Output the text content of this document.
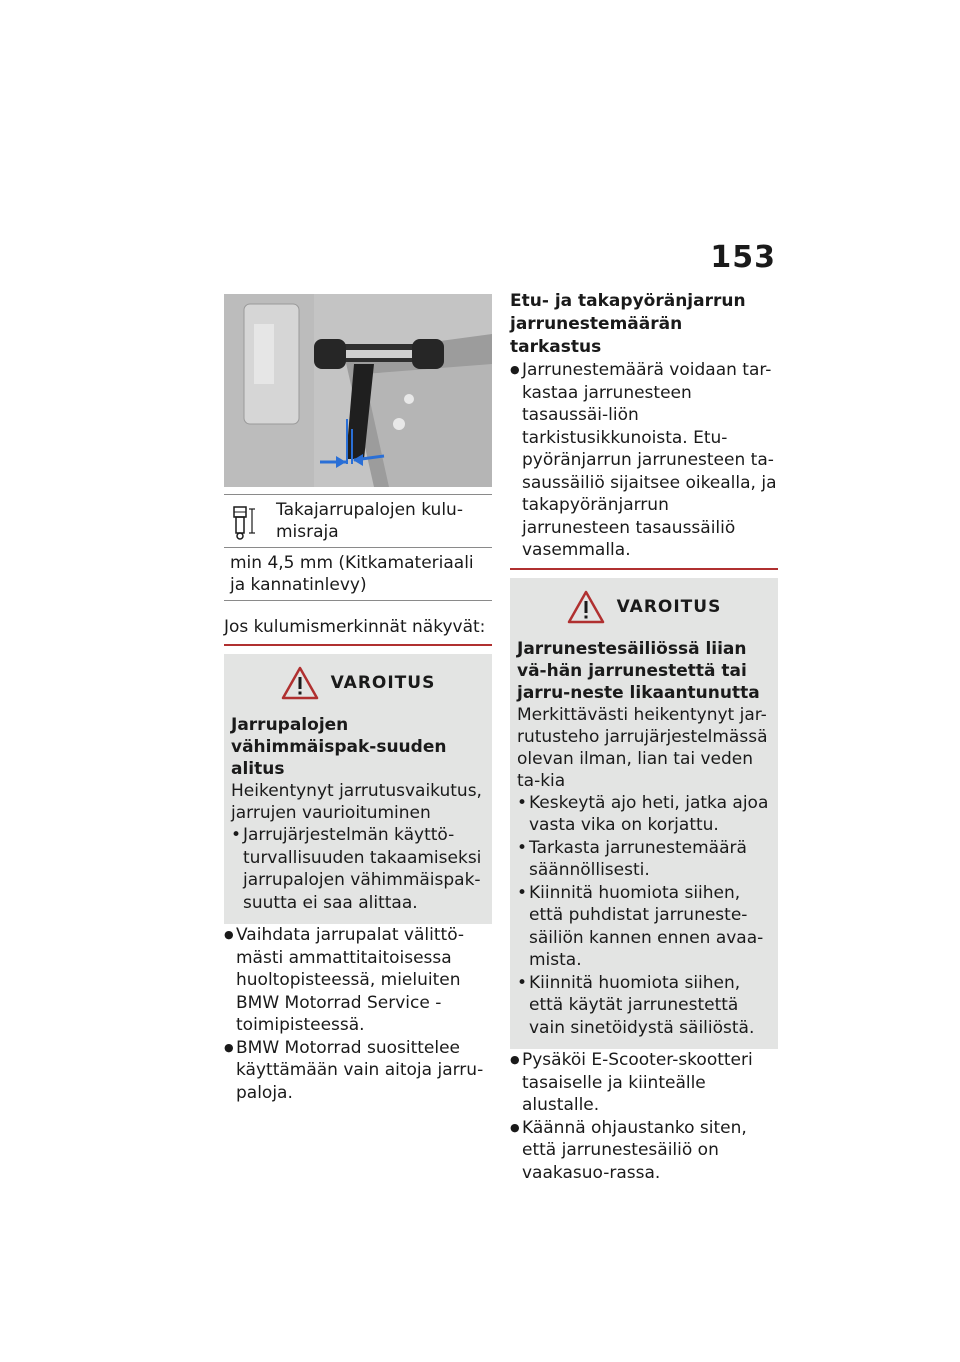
153
	Takajarrupalojen kulu-misraja
min 4,5 mm (Kitkamateriaali ja kannatinlevy)

Jos kulumismerkinnät näkyvät:

VAROITUS

Jarrupalojen vähimmäispak-suuden alitus

Heikentynyt jarrutusvaikutus, jarrujen vaurioituminen

• Jarrujärjestelmän käyttö-turvallisuuden takaamiseksi jarrupalojen vähimmäispak-suutta ei saa alittaa.
● Vaihdata jarrupalat välittö-mästi ammattitaitoisessa huoltopisteessä, mieluiten BMW Motorrad Service -toimipisteessä.
● BMW Motorrad suosittelee käyttämään vain aitoja jarru-paloja.

Etu- ja takapyöränjarrun jarrunestemäärän tarkastus

● Jarrunestemäärä voidaan tar-kastaa jarrunesteen tasaussäi-liön tarkistusikkunoista. Etu-pyöränjarrun jarrunesteen ta-saussäiliö sijaitsee oikealla, ja takapyöränjarrun jarrunesteen tasaussäiliö vasemmalla.
VAROITUS

Jarrunestesäiliössä liian vä-hän jarrunestettä tai jarru-neste likaantunutta

Merkittävästi heikentynyt jar-rutusteho jarrujärjestelmässä olevan ilman, lian tai veden ta-kia

• Keskeytä ajo heti, jatka ajoa vasta vika on korjattu.
• Tarkasta jarrunestemäärä säännöllisesti.
• Kiinnitä huomiota siihen, että puhdistat jarruneste-säiliön kannen ennen avaa-mista.
• Kiinnitä huomiota siihen, että käytät jarrunestettä vain sinetöidystä säiliöstä.
● Pysäköi E-Scooter-skootteri tasaiselle ja kiinteälle alustalle.
● Käännä ohjaustanko siten, että jarrunestesäiliö on vaakasuo-rassa.
